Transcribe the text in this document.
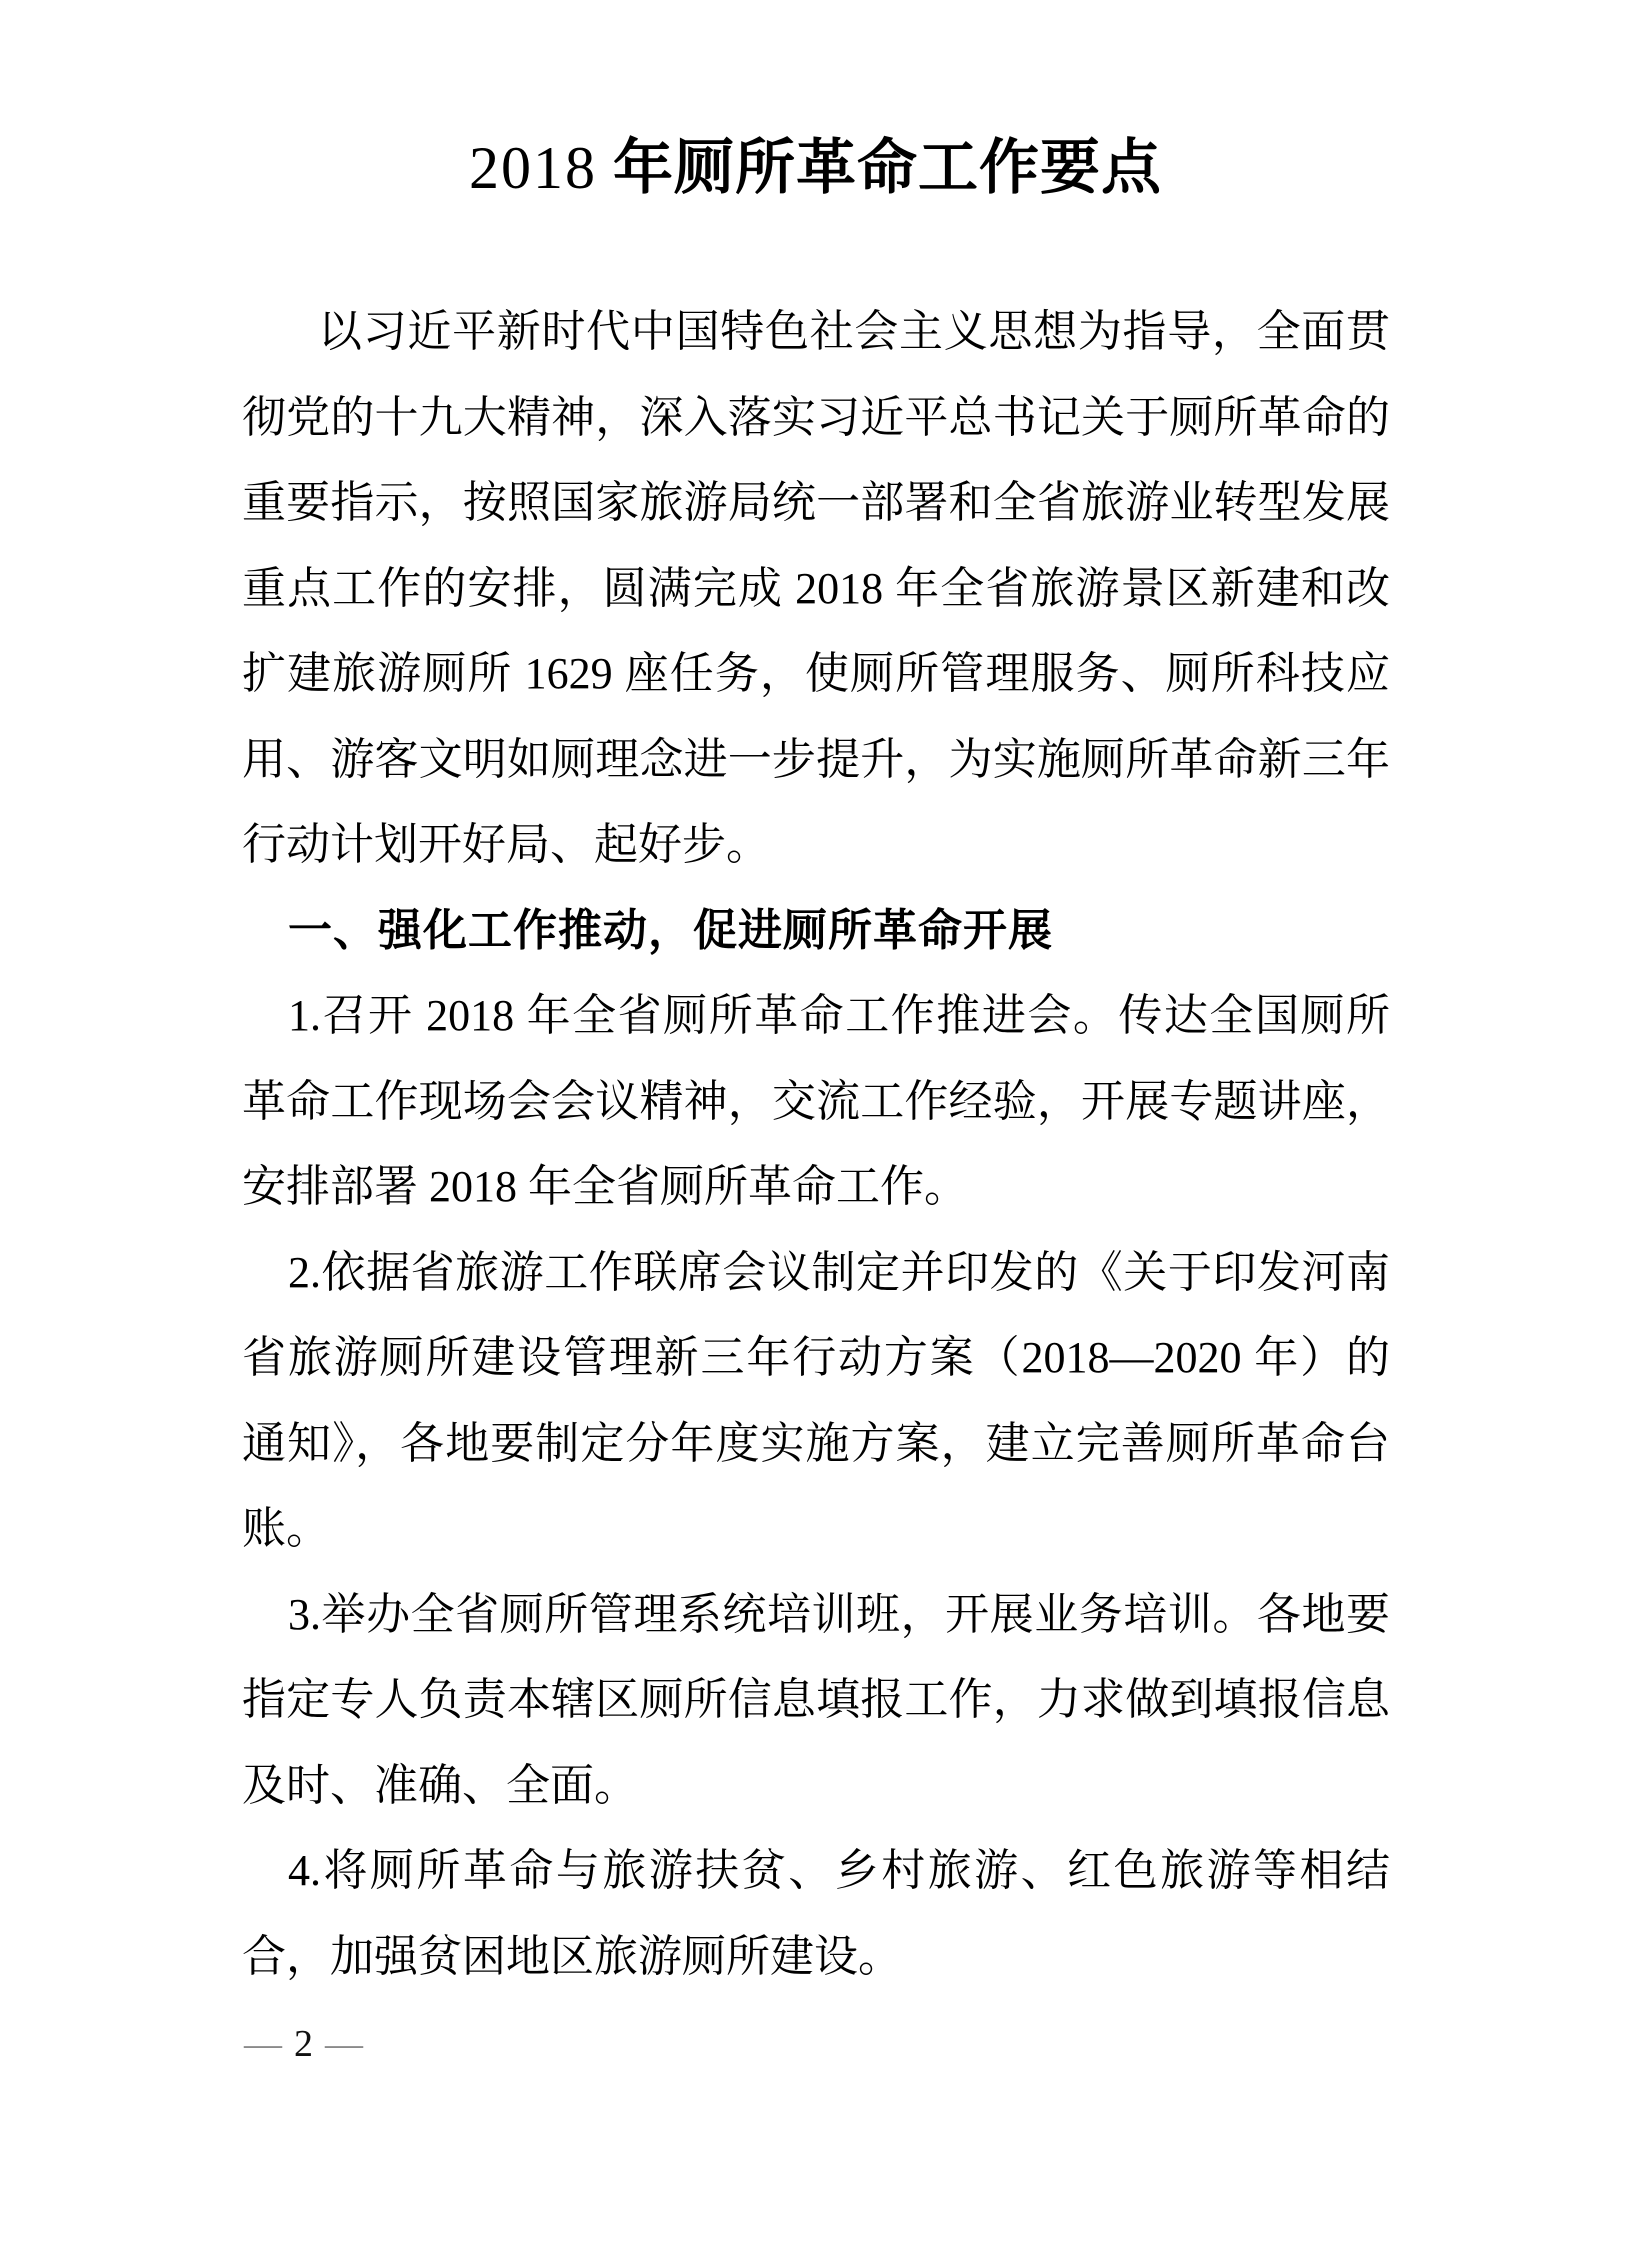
2018 年厕所革命工作要点

以习近平新时代中国特色社会主义思想为指导，全面贯彻党的十九大精神，深入落实习近平总书记关于厕所革命的重要指示，按照国家旅游局统一部署和全省旅游业转型发展重点工作的安排，圆满完成 2018 年全省旅游景区新建和改扩建旅游厕所 1629 座任务，使厕所管理服务、厕所科技应用、游客文明如厕理念进一步提升，为实施厕所革命新三年行动计划开好局、起好步。

一、强化工作推动，促进厕所革命开展

1.召开 2018 年全省厕所革命工作推进会。传达全国厕所革命工作现场会会议精神，交流工作经验，开展专题讲座，安排部署 2018 年全省厕所革命工作。

2.依据省旅游工作联席会议制定并印发的《关于印发河南省旅游厕所建设管理新三年行动方案（2018—2020 年）的通知》，各地要制定分年度实施方案，建立完善厕所革命台账。

3.举办全省厕所管理系统培训班，开展业务培训。各地要指定专人负责本辖区厕所信息填报工作，力求做到填报信息及时、准确、全面。

4.将厕所革命与旅游扶贫、乡村旅游、红色旅游等相结合，加强贫困地区旅游厕所建设。

— 2 —
